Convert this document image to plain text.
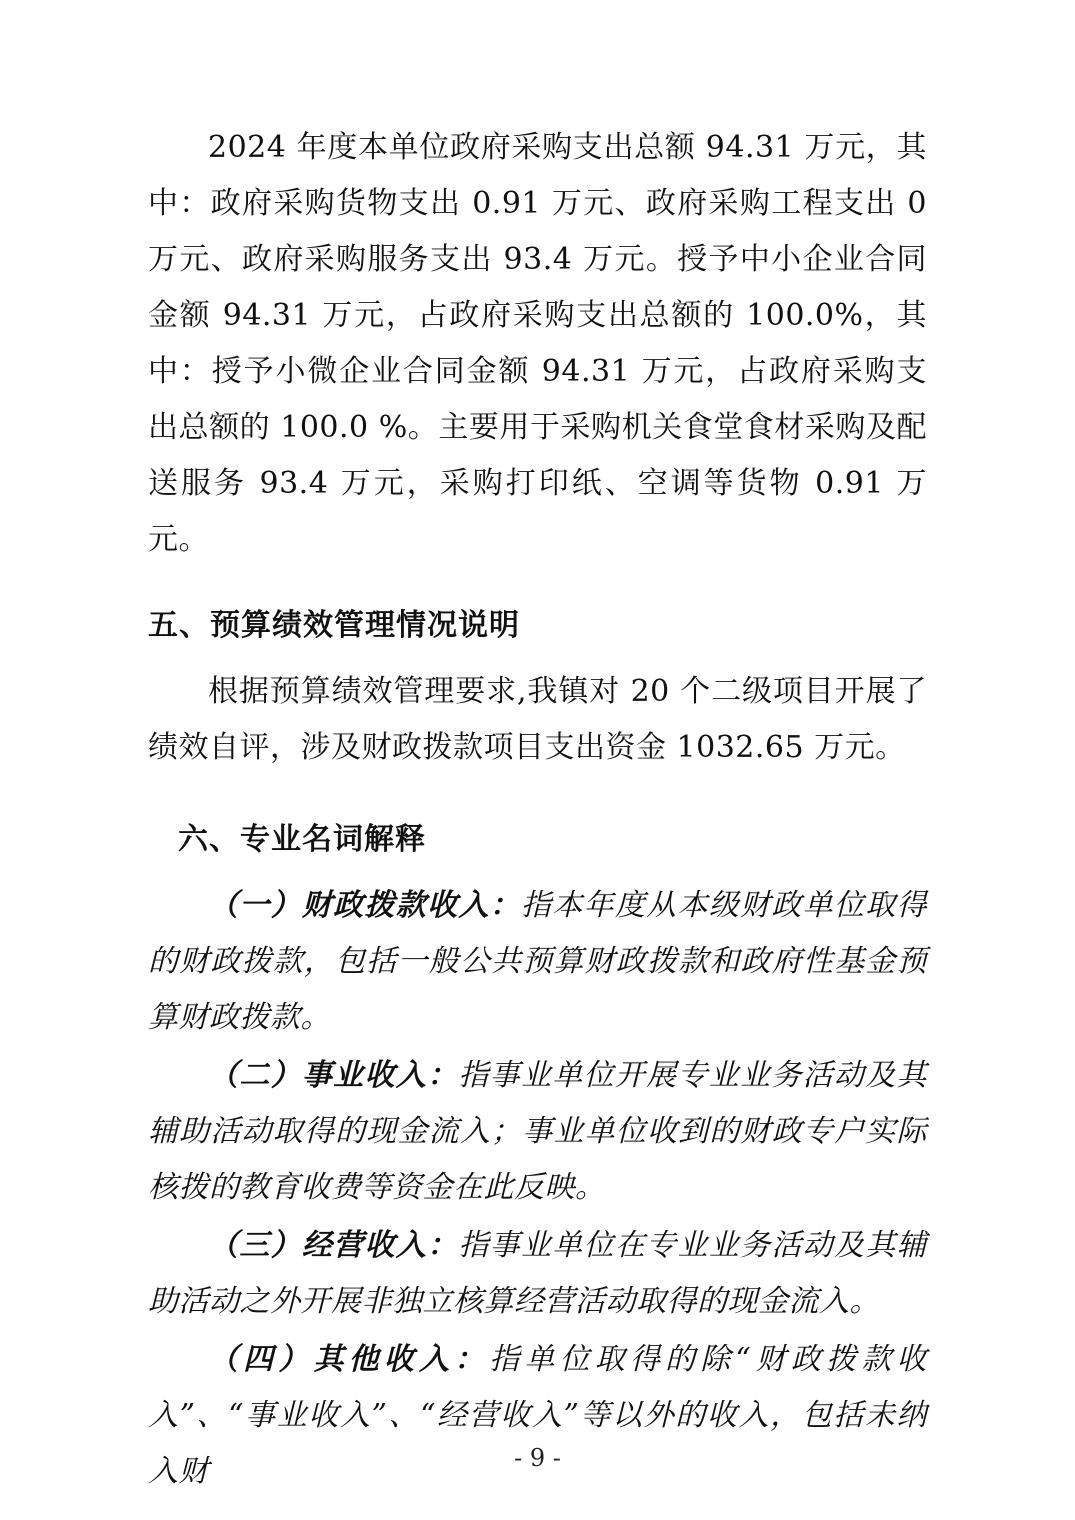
2024 年度本单位政府采购支出总额 94.31 万元，其中：政府采购货物支出 0.91 万元、政府采购工程支出 0 万元、政府采购服务支出 93.4 万元。授予中小企业合同金额 94.31 万元，占政府采购支出总额的 100.0%，其中：授予小微企业合同金额 94.31 万元，占政府采购支出总额的 100.0 %。主要用于采购机关食堂食材采购及配送服务 93.4 万元，采购打印纸、空调等货物 0.91 万元。

五、预算绩效管理情况说明

根据预算绩效管理要求,我镇对 20 个二级项目开展了绩效自评，涉及财政拨款项目支出资金 1032.65 万元。

六、专业名词解释

（一）财政拨款收入：指本年度从本级财政单位取得的财政拨款，包括一般公共预算财政拨款和政府性基金预算财政拨款。

（二）事业收入：指事业单位开展专业业务活动及其辅助活动取得的现金流入；事业单位收到的财政专户实际核拨的教育收费等资金在此反映。

（三）经营收入：指事业单位在专业业务活动及其辅助活动之外开展非独立核算经营活动取得的现金流入。

（四）其他收入：指单位取得的除“财政拨款收入”、“事业收入”、“经营收入”等以外的收入，包括未纳入财	- 9 -
